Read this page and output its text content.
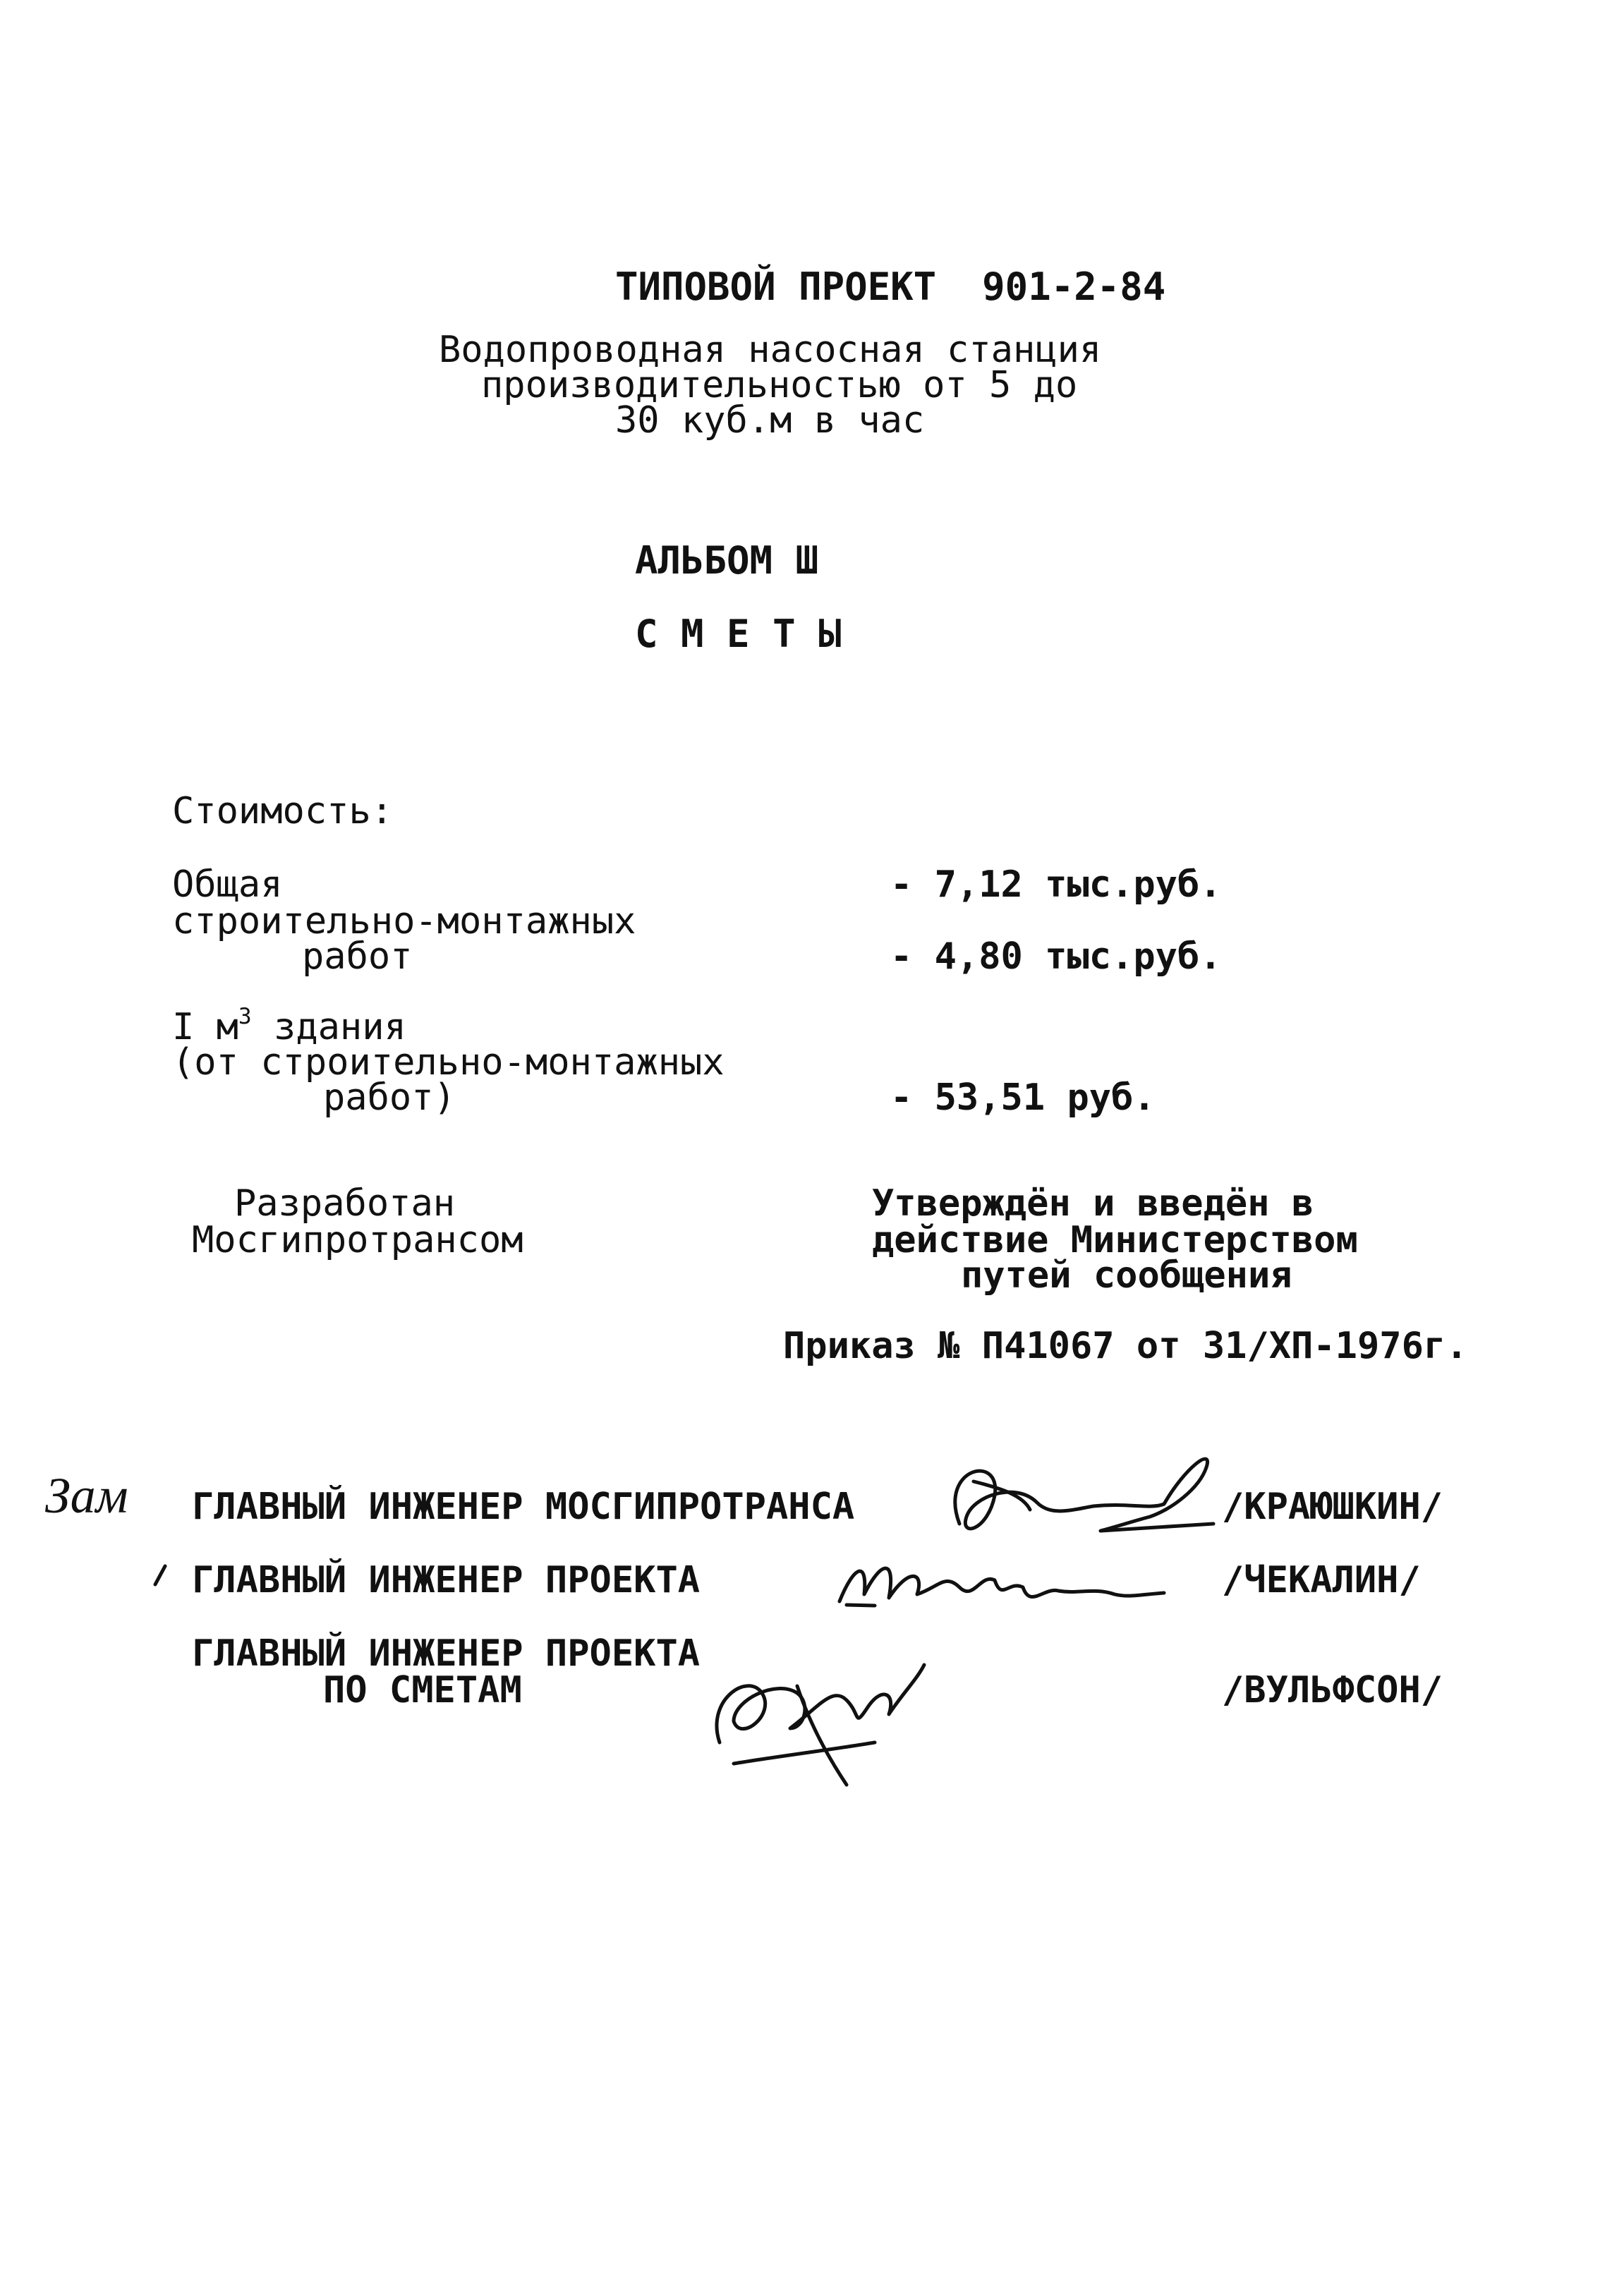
ТИПОВОЙ ПРОЕКТ  901-2-84
Водопроводная насосная станция
производительностью от 5 до
30 куб.м в час
АЛЬБОМ Ш
С М Е Т Ы
Стоимость:
Общая	- 7,12 тыс.руб.
строительно-монтажных
работ	- 4,80 тыс.руб.
I $м^3$ здания
(от строительно-монтажных
работ)	- 53,51 руб.
Разработан
Мосгипротрансом
Утверждён и введён в
действие Министерством
путей сообщения
Приказ № П41067 от 31/ХП-1976г.
Зам ГЛАВНЫЙ ИНЖЕНЕР МОСГИПРОТРАНСА	/КРАЮШКИН/
ГЛАВНЫЙ ИНЖЕНЕР ПРОЕКТА	/ЧЕКАЛИН/
ГЛАВНЫЙ ИНЖЕНЕР ПРОЕКТА
ПО СМЕТАМ	/ВУЛЬФСОН/
